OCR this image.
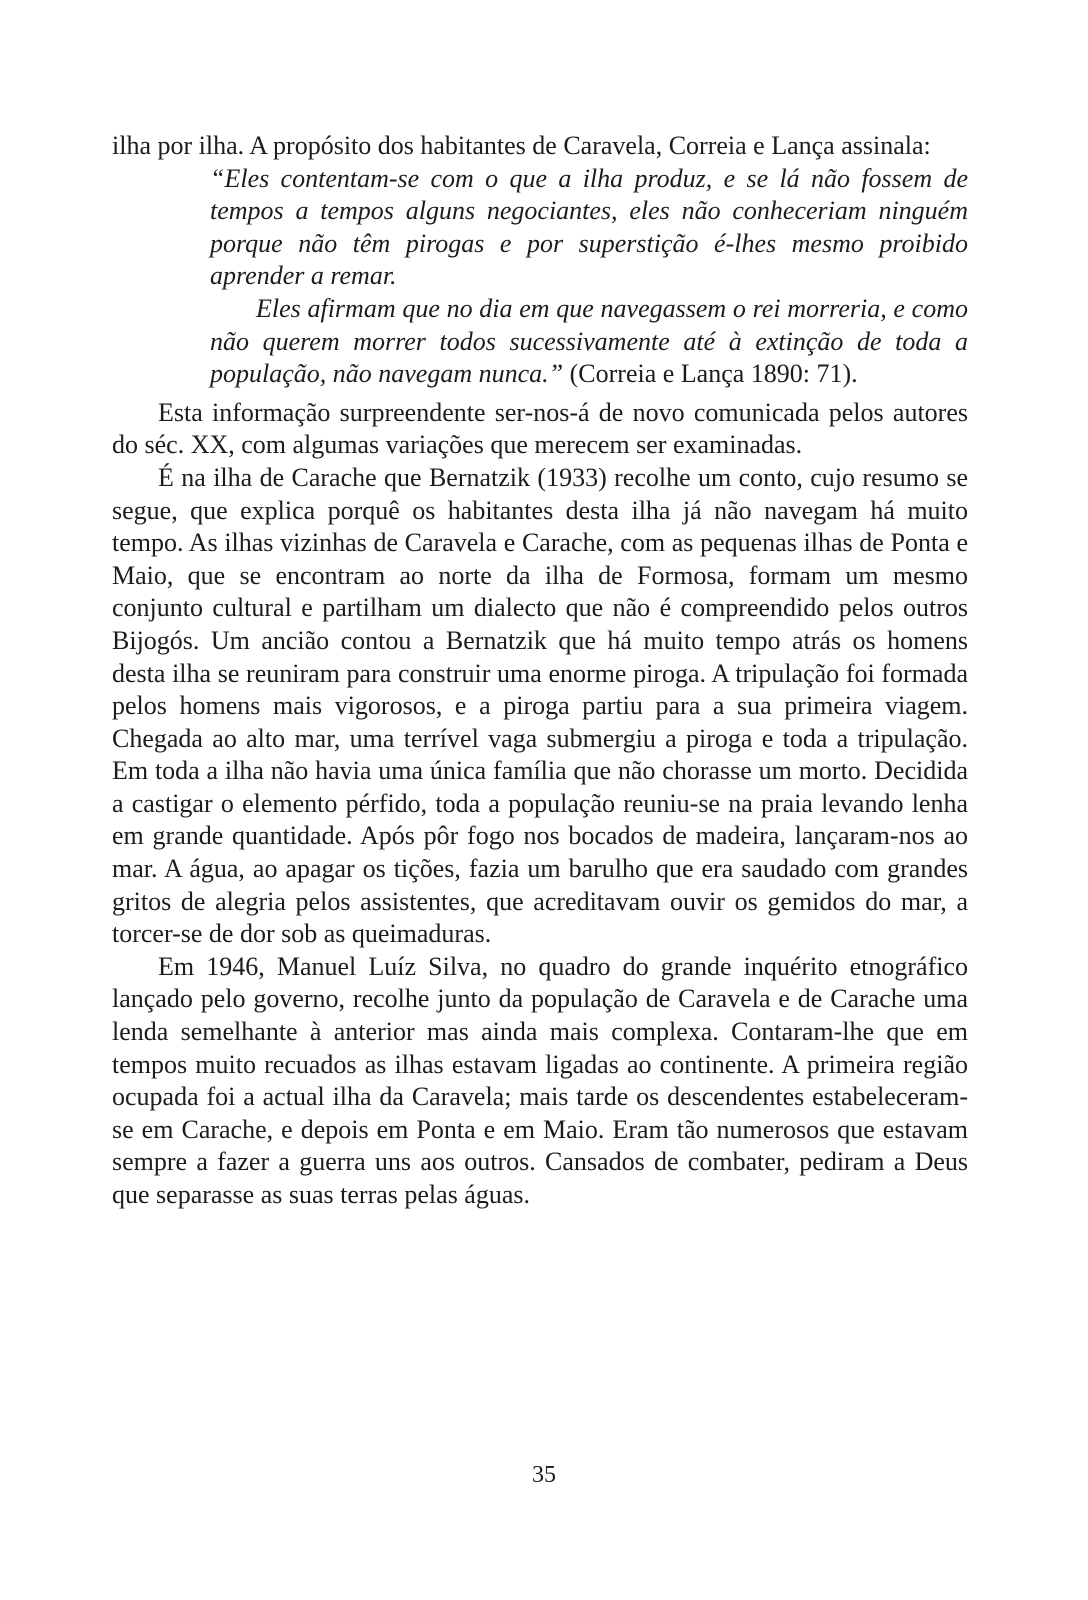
ilha por ilha. A propósito dos habitantes de Caravela, Correia e Lança assinala:

“Eles contentam-se com o que a ilha produz, e se lá não fossem de tempos a tempos alguns negociantes, eles não conheceriam ninguém porque não têm pirogas e por superstição é-lhes mesmo proibido aprender a remar.

Eles afirmam que no dia em que navegassem o rei morreria, e como não querem morrer todos sucessivamente até à extinção de toda a população, não navegam nunca.” (Correia e Lança 1890: 71).

Esta informação surpreendente ser-nos-á de novo comunicada pelos autores do séc. XX, com algumas variações que merecem ser examinadas.

É na ilha de Carache que Bernatzik (1933) recolhe um conto, cujo resumo se segue, que explica porquê os habitantes desta ilha já não navegam há muito tempo. As ilhas vizinhas de Caravela e Carache, com as pequenas ilhas de Ponta e Maio, que se encontram ao norte da ilha de Formosa, formam um mesmo conjunto cultural e partilham um dialecto que não é compreendido pelos outros Bijogós. Um ancião contou a Bernatzik que há muito tempo atrás os homens desta ilha se reuniram para construir uma enorme piroga. A tripulação foi formada pelos homens mais vigorosos, e a piroga partiu para a sua primeira viagem. Chegada ao alto mar, uma terrível vaga submergiu a piroga e toda a tripulação. Em toda a ilha não havia uma única família que não chorasse um morto. Decidida a castigar o elemento pérfido, toda a população reuniu-se na praia levando lenha em grande quantidade. Após pôr fogo nos bocados de madeira, lançaram-nos ao mar. A água, ao apagar os tições, fazia um barulho que era saudado com grandes gritos de alegria pelos assistentes, que acreditavam ouvir os gemidos do mar, a torcer-se de dor sob as queimaduras.

Em 1946, Manuel Luíz Silva, no quadro do grande inquérito etnográfico lançado pelo governo, recolhe junto da população de Caravela e de Carache uma lenda semelhante à anterior mas ainda mais complexa. Contaram-lhe que em tempos muito recuados as ilhas estavam ligadas ao continente. A primeira região ocupada foi a actual ilha da Caravela; mais tarde os descendentes estabeleceram-se em Carache, e depois em Ponta e em Maio. Eram tão numerosos que estavam sempre a fazer a guerra uns aos outros. Cansados de combater, pediram a Deus que separasse as suas terras pelas águas.

35
